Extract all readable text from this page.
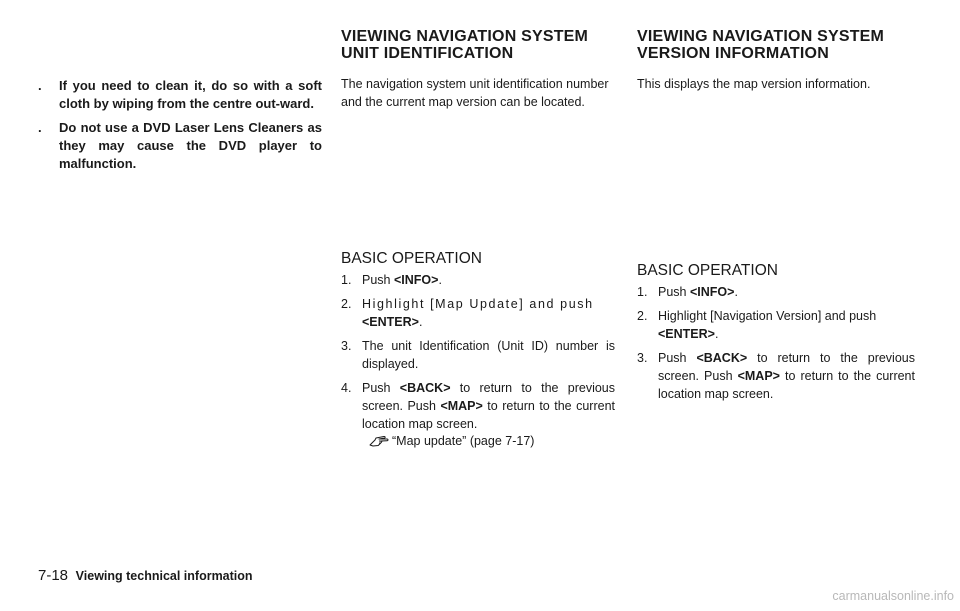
. If you need to clean it, do so with a soft cloth by wiping from the centre out-ward.
. Do not use a DVD Laser Lens Cleaners as they may cause the DVD player to malfunction.
VIEWING NAVIGATION SYSTEM
UNIT IDENTIFICATION

The navigation system unit identification number and the current map version can be located.

BASIC OPERATION
1. Push <INFO>.
2. Highlight [Map Update] and push
<ENTER>.
3. The unit Identification (Unit ID) number is displayed.
4. Push <BACK> to return to the previous screen. Push <MAP> to return to the current location map screen.
“Map update” (page 7-17)
VIEWING NAVIGATION SYSTEM
VERSION INFORMATION

This displays the map version information.

BASIC OPERATION
1. Push <INFO>.
2. Highlight [Navigation Version] and push
<ENTER>.
3. Push <BACK> to return to the previous screen. Push <MAP> to return to the current location map screen.
7-18 Viewing technical information
carmanualsonline.info
